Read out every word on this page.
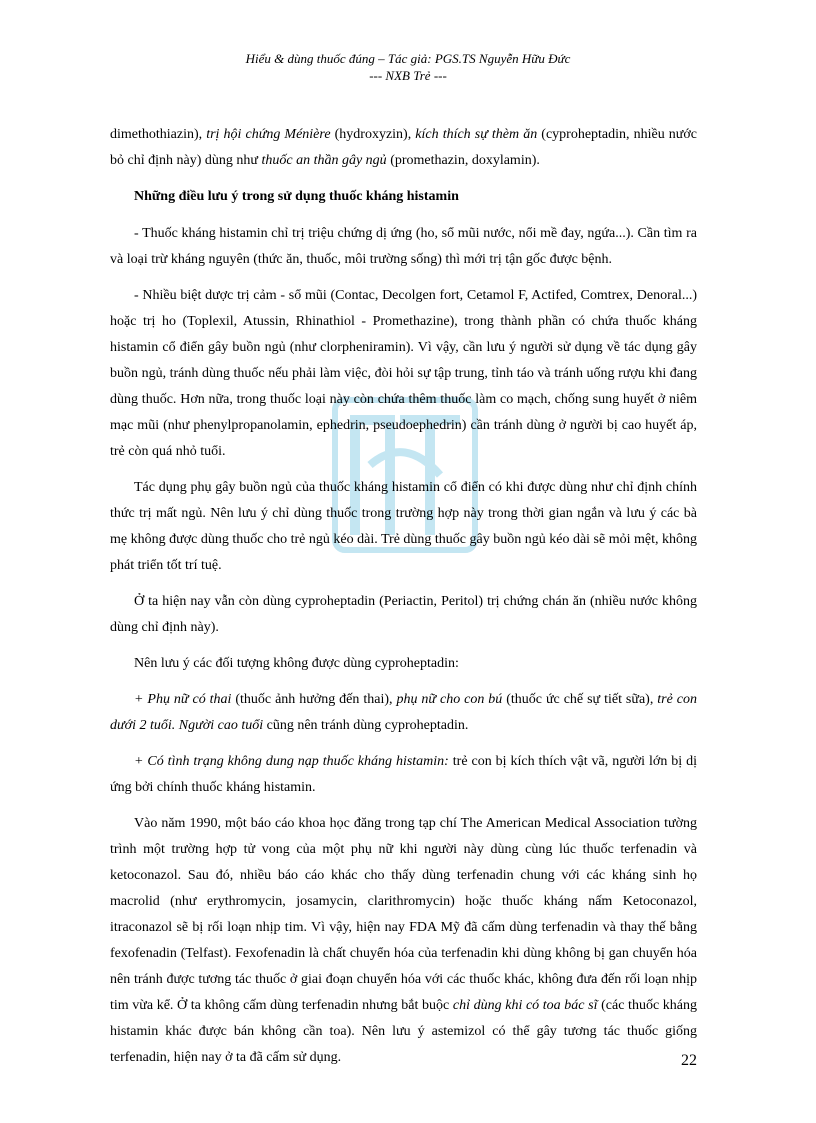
Hiểu & dùng thuốc đúng – Tác giả: PGS.TS Nguyễn Hữu Đức
--- NXB Trẻ ---

dimethothiazin), trị hội chứng Ménière (hydroxyzin), kích thích sự thèm ăn (cyproheptadin, nhiều nước bỏ chỉ định này) dùng như thuốc an thần gây ngủ (promethazin, doxylamin).

Những điều lưu ý trong sử dụng thuốc kháng histamin

- Thuốc kháng histamin chỉ trị triệu chứng dị ứng (ho, sổ mũi nước, nổi mề đay, ngứa...). Cần tìm ra và loại trừ kháng nguyên (thức ăn, thuốc, môi trường sống) thì mới trị tận gốc được bệnh.

- Nhiều biệt dược trị cảm - sổ mũi (Contac, Decolgen fort, Cetamol F, Actifed, Comtrex, Denoral...) hoặc trị ho (Toplexil, Atussin, Rhinathiol - Promethazine), trong thành phần có chứa thuốc kháng histamin cổ điển gây buồn ngủ (như clorpheniramin). Vì vậy, cần lưu ý người sử dụng về tác dụng gây buồn ngủ, tránh dùng thuốc nếu phải làm việc, đòi hỏi sự tập trung, tỉnh táo và tránh uống rượu khi đang dùng thuốc. Hơn nữa, trong thuốc loại này còn chứa thêm thuốc làm co mạch, chống sung huyết ở niêm mạc mũi (như phenylpropanolamin, ephedrin, pseudoephedrin) cần tránh dùng ở người bị cao huyết áp, trẻ còn quá nhỏ tuổi.

Tác dụng phụ gây buồn ngủ của thuốc kháng histamin cổ điển có khi được dùng như chỉ định chính thức trị mất ngủ. Nên lưu ý chỉ dùng thuốc trong trường hợp này trong thời gian ngắn và lưu ý các bà mẹ không được dùng thuốc cho trẻ ngủ kéo dài. Trẻ dùng thuốc gây buồn ngủ kéo dài sẽ mỏi mệt, không phát triển tốt trí tuệ.

Ở ta hiện nay vẫn còn dùng cyproheptadin (Periactin, Peritol) trị chứng chán ăn (nhiều nước không dùng chỉ định này).

Nên lưu ý các đối tượng không được dùng cyproheptadin:

+ Phụ nữ có thai (thuốc ảnh hưởng đến thai), phụ nữ cho con bú (thuốc ức chế sự tiết sữa), trẻ con dưới 2 tuổi. Người cao tuổi cũng nên tránh dùng cyproheptadin.

+ Có tình trạng không dung nạp thuốc kháng histamin: trẻ con bị kích thích vật vã, người lớn bị dị ứng bởi chính thuốc kháng histamin.

Vào năm 1990, một báo cáo khoa học đăng trong tạp chí The American Medical Association tường trình một trường hợp tử vong của một phụ nữ khi người này dùng cùng lúc thuốc terfenadin và ketoconazol. Sau đó, nhiều báo cáo khác cho thấy dùng terfenadin chung với các kháng sinh họ macrolid (như erythromycin, josamycin, clarithromycin) hoặc thuốc kháng nấm Ketoconazol, itraconazol sẽ bị rối loạn nhịp tim. Vì vậy, hiện nay FDA Mỹ đã cấm dùng terfenadin và thay thế bằng fexofenadin (Telfast). Fexofenadin là chất chuyển hóa của terfenadin khi dùng không bị gan chuyển hóa nên tránh được tương tác thuốc ở giai đoạn chuyển hóa với các thuốc khác, không đưa đến rối loạn nhịp tim vừa kể. Ở ta không cấm dùng terfenadin nhưng bắt buộc chỉ dùng khi có toa bác sĩ (các thuốc kháng histamin khác được bán không cần toa). Nên lưu ý astemizol có thể gây tương tác thuốc giống terfenadin, hiện nay ở ta đã cấm sử dụng.	22
